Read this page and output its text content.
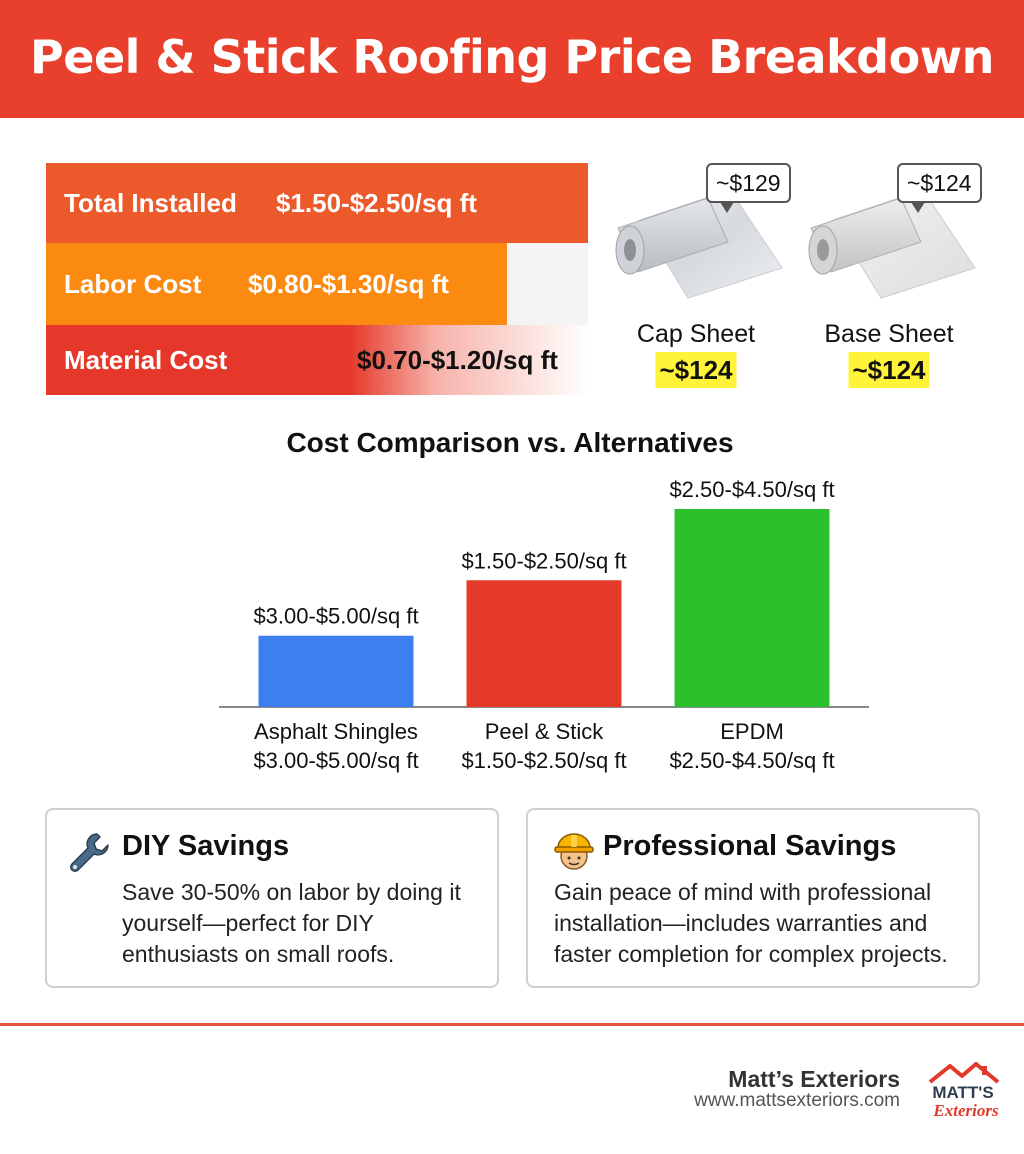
Peel & Stick Roofing Price Breakdown
Total Installed $1.50-$2.50/sq ft
Labor Cost $0.80-$1.30/sq ft
Material Cost	$0.70-$1.20/sq ft
~$129
Cap Sheet
~$124
~$124
Base Sheet
~$124
Cost Comparison vs. Alternatives
$3.00-$5.00/sq ft
Asphalt Shingles
$3.00-$5.00/sq ft
$1.50-$2.50/sq ft
Peel & Stick
$1.50-$2.50/sq ft
$2.50-$4.50/sq ft
EPDM
$2.50-$4.50/sq ft
DIY Savings

Save 30-50% on labor by doing it yourself—perfect for DIY enthusiasts on small roofs.

Professional Savings

Gain peace of mind with professional installation—includes warranties and faster completion for complex projects.

Matt’s Exteriors
www.mattsexteriors.com MATT'S
Exteriors
